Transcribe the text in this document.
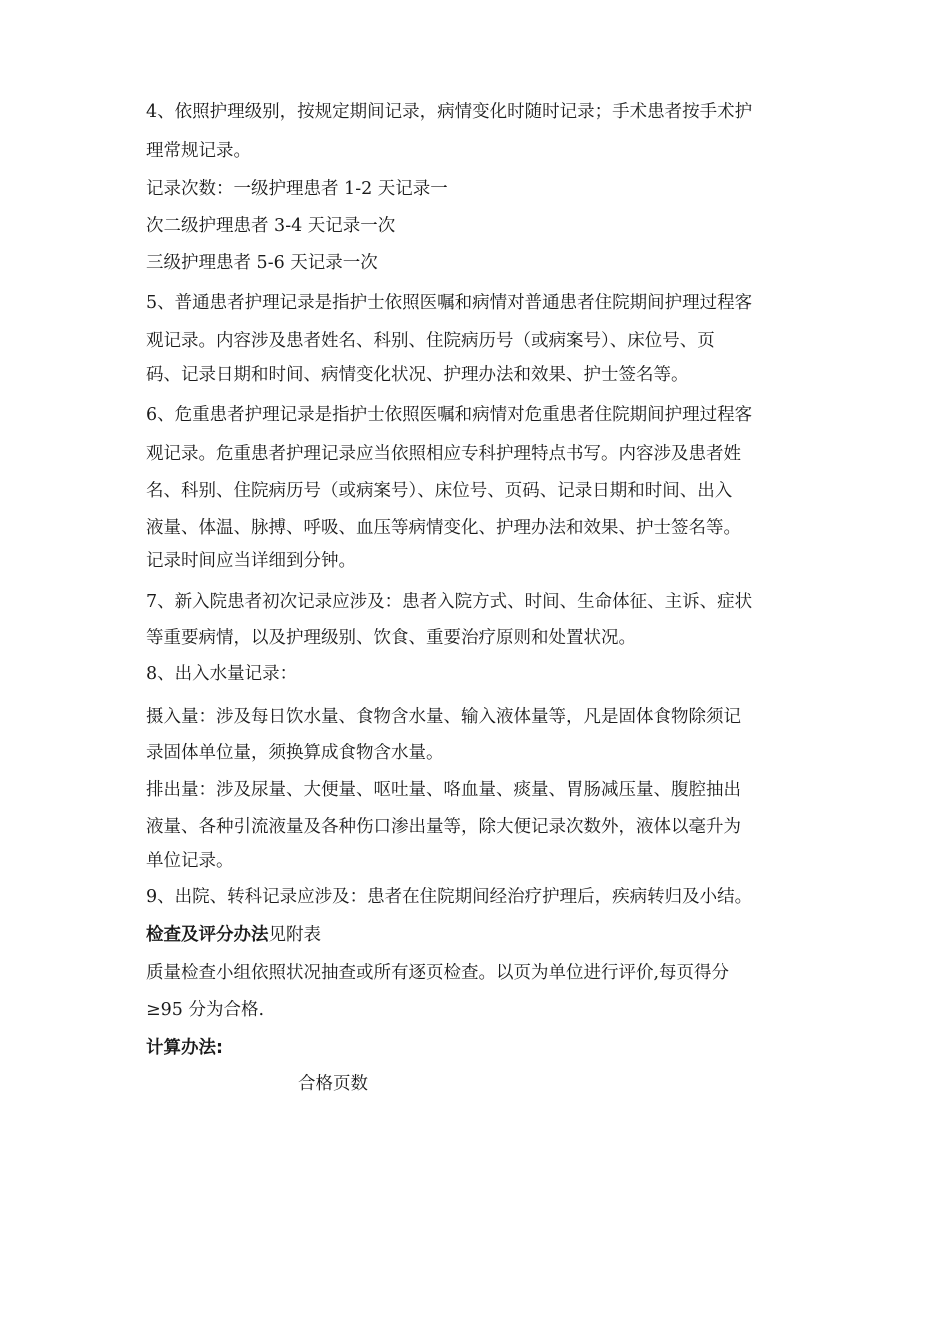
4、依照护理级别，按规定期间记录，病情变化时随时记录；手术患者按手术护

理常规记录。

记录次数：一级护理患者 1-2 天记录一

次二级护理患者 3-4 天记录一次

三级护理患者 5-6 天记录一次

5、普通患者护理记录是指护士依照医嘱和病情对普通患者住院期间护理过程客

观记录。内容涉及患者姓名、科别、住院病历号（或病案号）、床位号、页

码、记录日期和时间、病情变化状况、护理办法和效果、护士签名等。

6、危重患者护理记录是指护士依照医嘱和病情对危重患者住院期间护理过程客

观记录。危重患者护理记录应当依照相应专科护理特点书写。内容涉及患者姓

名、科别、住院病历号（或病案号）、床位号、页码、记录日期和时间、出入

液量、体温、脉搏、呼吸、血压等病情变化、护理办法和效果、护士签名等。

记录时间应当详细到分钟。

7、新入院患者初次记录应涉及：患者入院方式、时间、生命体征、主诉、症状

等重要病情，以及护理级别、饮食、重要治疗原则和处置状况。

8、出入水量记录：

摄入量：涉及每日饮水量、食物含水量、输入液体量等，凡是固体食物除须记

录固体单位量，须换算成食物含水量。

排出量：涉及尿量、大便量、呕吐量、咯血量、痰量、胃肠减压量、腹腔抽出

液量、各种引流液量及各种伤口渗出量等，除大便记录次数外，液体以毫升为

单位记录。

9、出院、转科记录应涉及：患者在住院期间经治疗护理后，疾病转归及小结。

检查及评分办法见附表

质量检查小组依照状况抽查或所有逐页检查。以页为单位进行评价,每页得分

≥95 分为合格.

计算办法:

合格页数
